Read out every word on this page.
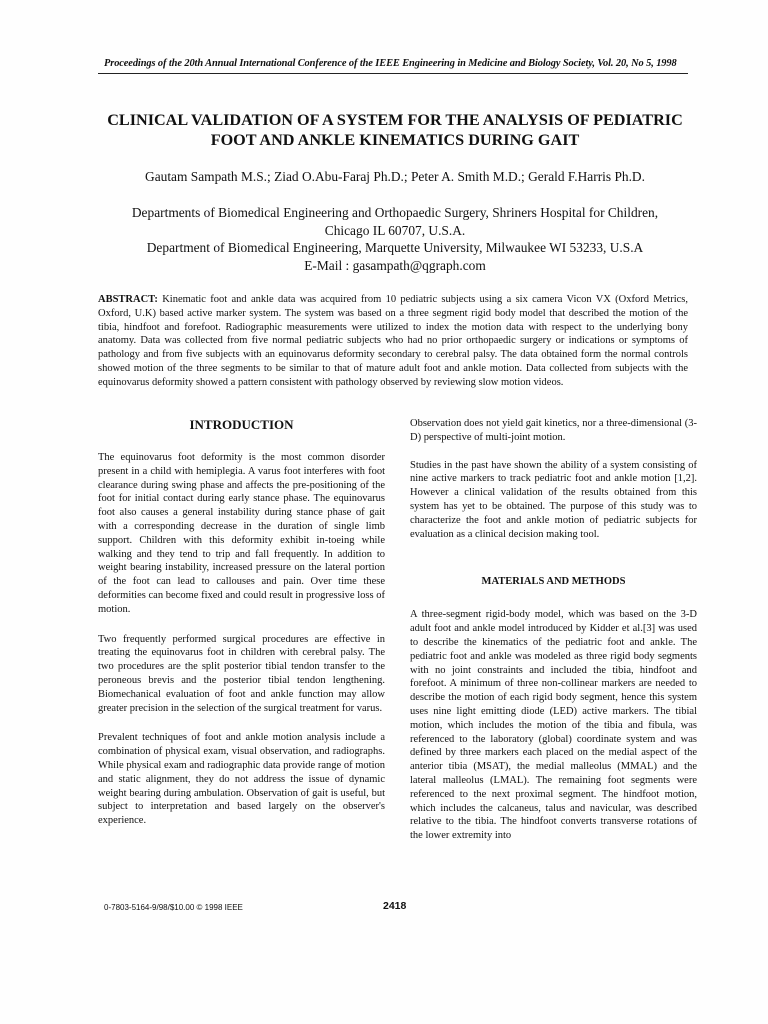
Proceedings of the 20th Annual International Conference of the IEEE Engineering in Medicine and Biology Society, Vol. 20, No 5, 1998
CLINICAL VALIDATION OF A SYSTEM FOR THE ANALYSIS OF PEDIATRIC
FOOT AND ANKLE KINEMATICS DURING GAIT
Gautam Sampath M.S.; Ziad O.Abu-Faraj Ph.D.; Peter A. Smith M.D.; Gerald F.Harris Ph.D.
Departments of Biomedical Engineering and Orthopaedic Surgery, Shriners Hospital for Children,
Chicago IL 60707, U.S.A.
Department of Biomedical Engineering, Marquette University, Milwaukee WI 53233, U.S.A
E-Mail : gasampath@qgraph.com
ABSTRACT: Kinematic foot and ankle data was acquired from 10 pediatric subjects using a six camera Vicon VX (Oxford Metrics, Oxford, U.K) based active marker system. The system was based on a three segment rigid body model that described the motion of the tibia, hindfoot and forefoot. Radiographic measurements were utilized to index the motion data with respect to the underlying bony anatomy. Data was collected from five normal pediatric subjects who had no prior orthopaedic surgery or indications or symptoms of pathology and from five subjects with an equinovarus deformity secondary to cerebral palsy. The data obtained form the normal controls showed motion of the three segments to be similar to that of mature adult foot and ankle motion. Data collected from subjects with the equinovarus deformity showed a pattern consistent with pathology observed by reviewing slow motion videos.
INTRODUCTION

The equinovarus foot deformity is the most common disorder present in a child with hemiplegia. A varus foot interferes with foot clearance during swing phase and affects the pre-positioning of the foot for initial contact during early stance phase. The equinovarus foot also causes a general instability during stance phase of gait with a corresponding decrease in the duration of single limb support. Children with this deformity exhibit in-toeing while walking and they tend to trip and fall frequently. In addition to weight bearing instability, increased pressure on the lateral portion of the foot can lead to callouses and pain. Over time these deformities can become fixed and could result in progressive loss of motion.

Two frequently performed surgical procedures are effective in treating the equinovarus foot in children with cerebral palsy. The two procedures are the split posterior tibial tendon transfer to the peroneous brevis and the posterior tibial tendon lengthening. Biomechanical evaluation of foot and ankle function may allow greater precision in the selection of the surgical treatment for varus.

Prevalent techniques of foot and ankle motion analysis include a combination of physical exam, visual observation, and radiographs. While physical exam and radiographic data provide range of motion and static alignment, they do not address the issue of dynamic weight bearing during ambulation. Observation of gait is useful, but subject to interpretation and based largely on the observer's experience.

Observation does not yield gait kinetics, nor a three-dimensional (3-D) perspective of multi-joint motion.

Studies in the past have shown the ability of a system consisting of nine active markers to track pediatric foot and ankle motion [1,2]. However a clinical validation of the results obtained from this system has yet to be obtained. The purpose of this study was to characterize the foot and ankle motion of pediatric subjects for evaluation as a clinical decision making tool.

MATERIALS AND METHODS

A three-segment rigid-body model, which was based on the 3-D adult foot and ankle model introduced by Kidder et al.[3] was used to describe the kinematics of the pediatric foot and ankle. The pediatric foot and ankle was modeled as three rigid body segments with no joint constraints and included the tibia, hindfoot and forefoot. A minimum of three non-collinear markers are needed to describe the motion of each rigid body segment, hence this system uses nine light emitting diode (LED) active markers. The tibial motion, which includes the motion of the tibia and fibula, was referenced to the laboratory (global) coordinate system and was defined by three markers each placed on the medial aspect of the anterior tibia (MSAT), the medial malleolus (MMAL) and the lateral malleolus (LMAL). The remaining foot segments were referenced to the next proximal segment. The hindfoot motion, which includes the calcaneus, talus and navicular, was described relative to the tibia. The hindfoot converts transverse rotations of the lower extremity into

0-7803-5164-9/98/$10.00 © 1998 IEEE	2418
